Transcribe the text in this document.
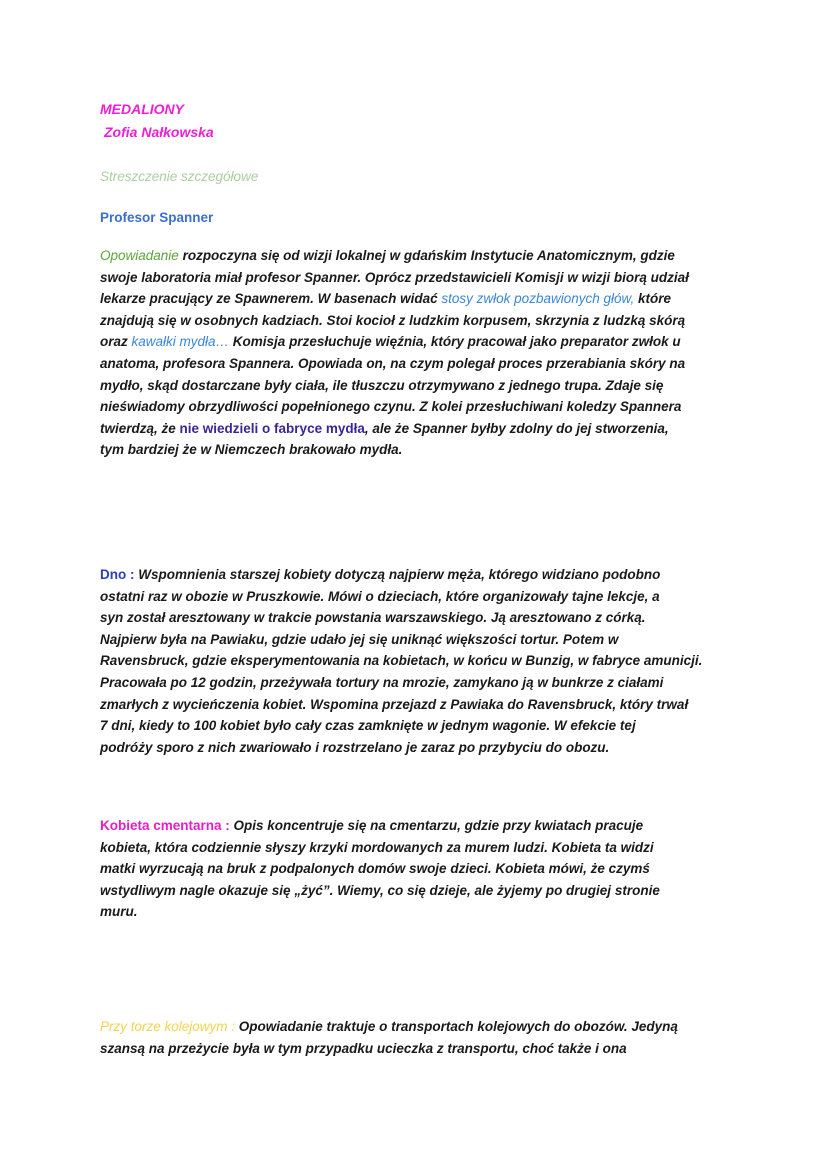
MEDALIONY
Zofia Nałkowska
Streszczenie szczegółowe
Profesor Spanner
Opowiadanie rozpoczyna się od wizji lokalnej w gdańskim Instytucie Anatomicznym, gdzie
swoje laboratoria miał profesor Spanner. Oprócz przedstawicieli Komisji w wizji biorą udział
lekarze pracujący ze Spawnerem. W basenach widać stosy zwłok pozbawionych głów, które
znajdują się w osobnych kadziach. Stoi kocioł z ludzkim korpusem, skrzynia z ludzką skórą
oraz kawałki mydła… Komisja przesłuchuje więźnia, który pracował jako preparator zwłok u
anatoma, profesora Spannera. Opowiada on, na czym polegał proces przerabiania skóry na
mydło, skąd dostarczane były ciała, ile tłuszczu otrzymywano z jednego trupa. Zdaje się
nieświadomy obrzydliwości popełnionego czynu. Z kolei przesłuchiwani koledzy Spannera
twierdzą, że nie wiedzieli o fabryce mydła, ale że Spanner byłby zdolny do jej stworzenia,
tym bardziej że w Niemczech brakowało mydła.
Dno : Wspomnienia starszej kobiety dotyczą najpierw męża, którego widziano podobno
ostatni raz w obozie w Pruszkowie. Mówi o dzieciach, które organizowały tajne lekcje, a
syn został aresztowany w trakcie powstania warszawskiego. Ją aresztowano z córką.
Najpierw była na Pawiaku, gdzie udało jej się uniknąć większości tortur. Potem w
Ravensbruck, gdzie eksperymentowania na kobietach, w końcu w Bunzig, w fabryce amunicji.
Pracowała po 12 godzin, przeżywała tortury na mrozie, zamykano ją w bunkrze z ciałami
zmarłych z wycieńczenia kobiet. Wspomina przejazd z Pawiaka do Ravensbruck, który trwał
7 dni, kiedy to 100 kobiet było cały czas zamknięte w jednym wagonie. W efekcie tej
podróży sporo z nich zwariowało i rozstrzelano je zaraz po przybyciu do obozu.
Kobieta cmentarna : Opis koncentruje się na cmentarzu, gdzie przy kwiatach pracuje
kobieta, która codziennie słyszy krzyki mordowanych za murem ludzi. Kobieta ta widzi
matki wyrzucają na bruk z podpalonych domów swoje dzieci. Kobieta mówi, że czymś
wstydliwym nagle okazuje się „żyć”. Wiemy, co się dzieje, ale żyjemy po drugiej stronie
muru.
Przy torze kolejowym : Opowiadanie traktuje o transportach kolejowych do obozów. Jedyną
szansą na przeżycie była w tym przypadku ucieczka z transportu, choć także i ona
